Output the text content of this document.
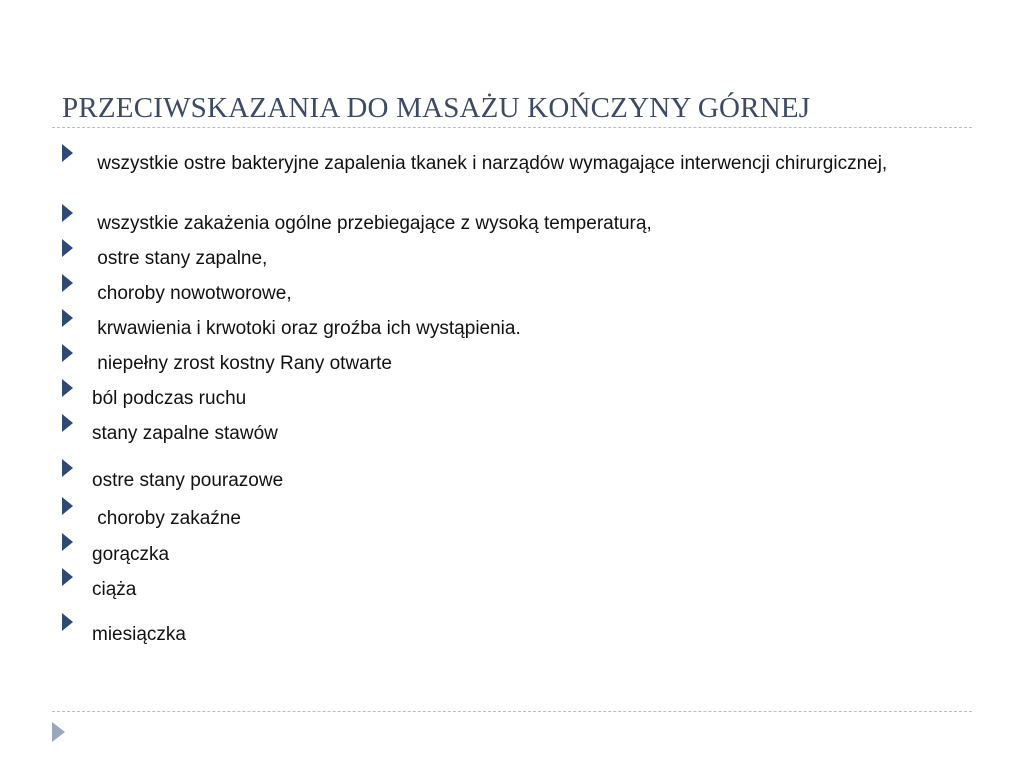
PRZECIWSKAZANIA DO MASAŻU KOŃCZYNY GÓRNEJ
wszystkie ostre bakteryjne zapalenia tkanek i narządów wymagające interwencji chirurgicznej,
wszystkie zakażenia ogólne przebiegające z wysoką temperaturą,
ostre stany zapalne,
choroby nowotworowe,
krwawienia i krwotoki oraz groźba ich wystąpienia.
niepełny zrost kostny Rany otwarte
ból podczas ruchu
stany zapalne stawów
ostre stany pourazowe
choroby zakaźne
gorączka
ciąża
miesiączka
